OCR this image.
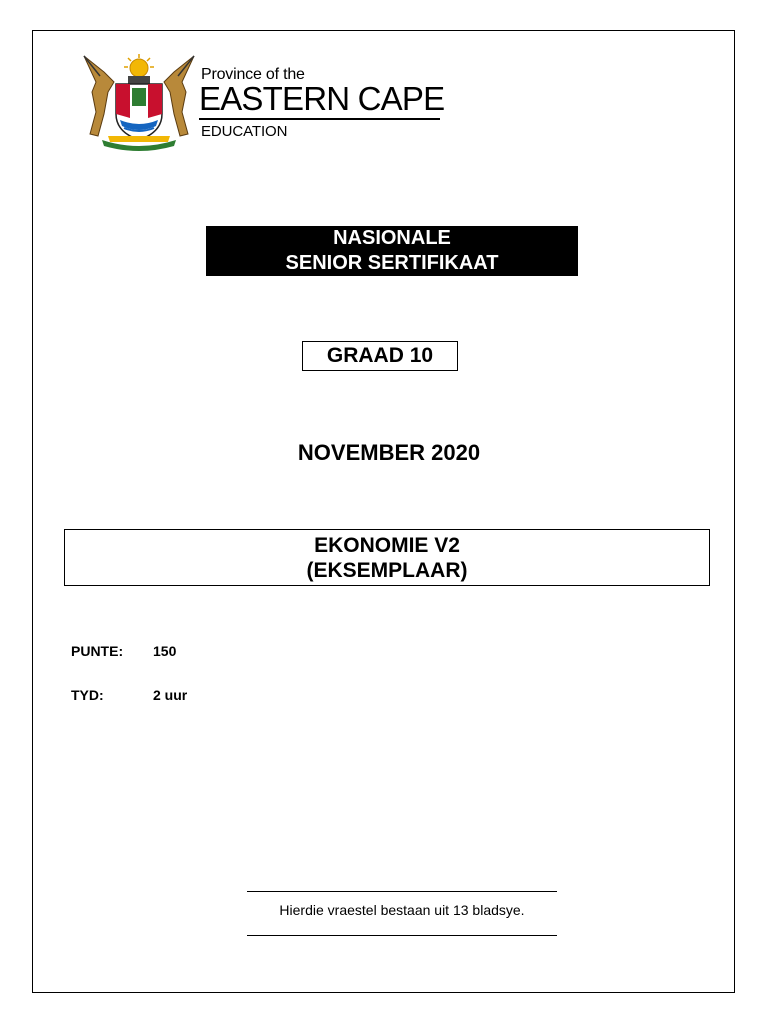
Province of the
EASTERN CAPE
EDUCATION
NASIONALE
SENIOR SERTIFIKAAT
GRAAD 10
NOVEMBER 2020
EKONOMIE V2
(EKSEMPLAAR)
PUNTE: 150
TYD:	2 uur
Hierdie vraestel bestaan uit 13 bladsye.
